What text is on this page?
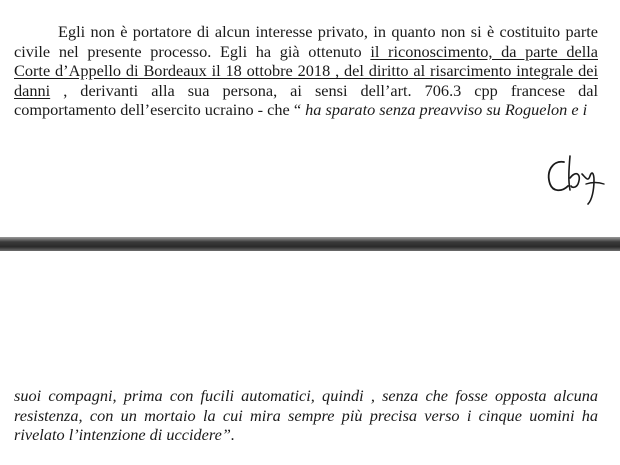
Egli non è portatore di alcun interesse privato, in quanto non si è costituito parte
civile nel presente processo. Egli ha già ottenuto il riconoscimento, da parte della
Corte d’Appello di Bordeaux il 18 ottobre 2018 , del diritto al risarcimento integrale dei
danni , derivanti alla sua persona, ai sensi dell’art. 706.3 cpp francese dal
comportamento dell’esercito ucraino - che “ ha sparato senza preavviso su Roguelon e i
suoi compagni, prima con fucili automatici, quindi , senza che fosse opposta alcuna
resistenza, con un mortaio la cui mira sempre più precisa verso i cinque uomini ha
rivelato l’intenzione di uccidere”.
